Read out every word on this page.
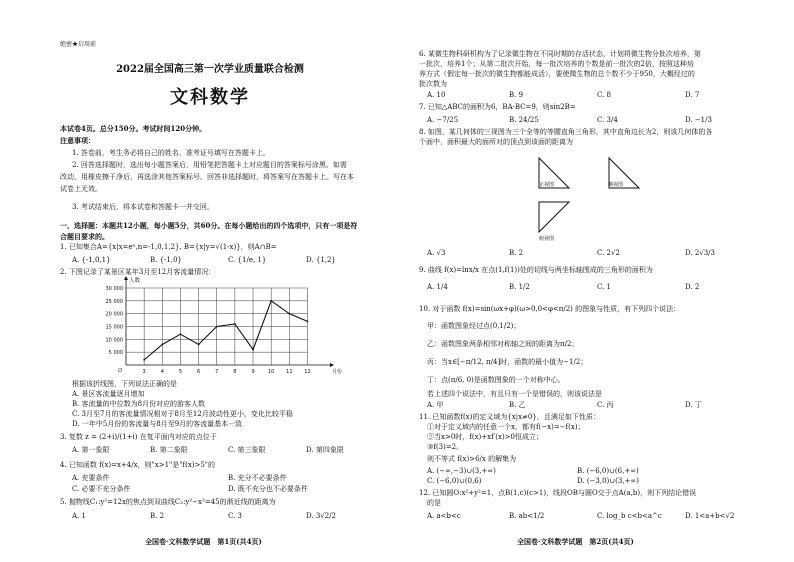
绝密★启用前
2022届全国高三第一次学业质量联合检测
文科数学
本试卷4页。总分150分。考试时间120分钟。
注意事项：
1. 答卷前，考生务必将自己的姓名、准考证号填写在答题卡上。
2. 回答选择题时，选出每小题答案后，用铅笔把答题卡上对应题目的答案标号涂黑。如需
改动，用橡皮擦干净后，再选涂其他答案标号。回答非选择题时，将答案写在答题卡上。写在本
试卷上无效。
3. 考试结束后，将本试卷和答题卡一并交回。
一、选择题：本题共12小题，每小题5分，共60分。在每小题给出的四个选项中，只有一项是符
合题目要求的。
1. 已知集合A={x|x=eⁿ,n=-1,0,1,2}, B={x|y=√(1-x)}，则A∩B=
A. {-1,0,1}	B. {-1,0}	C. {1/e, 1}	D. {1,2}
2. 下图记录了某景区某年3月至12月客流量情况：
30 000
25 000
20 000
15 000
10 000
5 000
3	4	5	6	7	8	9	10 11 12
人数
月份
O
根据该折线图，下列说法正确的是
A. 景区客流量逐月增加
B. 客流量的中位数为8月份对应的游客人数
C. 3月至7月的客流量情况相对于8月至12月波动性更小，变化比较平稳
D. 一年中5月份的客流量与8月至9月的客流量基本一致
3. 复数 z = (2+i)/(1+i) 在复平面内对应的点位于
A. 第一象限	B. 第二象限	C. 第三象限	D. 第四象限
4. 已知函数 f(x)=x+4/x，则"x>1"是"f(x)>5"的
A. 充要条件	B. 充分不必要条件
C. 必要不充分条件	D. 既不充分也不必要条件
5. 抛物线C₁:y²=12x的焦点到双曲线C₂:y²−x²=45的渐近线的距离为
A. 1	B. 2	C. 3	D. 3√2/2
全国卷·文科数学试题　第1页(共4页)
6. 某微生物科研机构为了记录微生物在不同时期的存活状态，计划将微生物分批次培养，第
一批次，培养1个；从第二批次开始，每一批次培养的个数是前一批次的2倍，按照这种培
养方式（假定每一批次的微生物都能成活），要使微生物的总个数不少于950，大概经过的
批次数为
A. 10	B. 9	C. 8	D. 7
7. 已知△ABC的面积为6，BA·BC=9，则sin2B=
A. −7/25	B. 24/25	C. 3/4	D. −1/3
8. 如图，某几何体的三视图为三个全等的等腰直角三角形，其中直角边长为2，则该几何体的各
个面中，面积最大的面所对的顶点到该面的距离为
正视图	侧视图
俯视图
A. √3	B. 2	C. 2√2	D. 2√3/3
9. 曲线 f(x)=lnx/x 在点(1,f(1))处的切线与两坐标轴围成的三角形的面积为
A. 1/4	B. 1/2	C. 1	D. 2
10. 对于函数 f(x)=sin(ωx+φ)(ω>0,0<φ<π/2) 的图象与性质，有下列四个说法：
甲：函数图象经过点(0,1/2)；
乙：函数图象两条相邻对称轴之间的距离为π/2；
丙：当x∈[−π/12, π/4]时，函数的最小值为−1/2；
丁：点(π/6, 0)是函数图象的一个对称中心。
若上述四个说法中，有且只有一个是错误的，则该说法是
A. 甲	B. 乙	C. 丙	D. 丁
11. 已知函数f(x)的定义域为{x|x≠0}，且满足如下性质：
①对于定义域内的任意一个x，都有f(−x)=−f(x)；
②当x>0时，f(x)+xf′(x)>0恒成立；
③f(3)=2。
则不等式 f(x)>6/x 的解集为
A. (−∞,−3)∪(3,+∞)	B. (−6,0)∪(6,+∞)
C. (−6,0)∪(0,6)	D. (−3,0)∪(3,+∞)
12. 已知圆O:x²+y²=1，点B(1,c)(c>1)，线段OB与圆O交于点A(a,b)，则下列结论错误
的是
A. a<b<c	B. ab<1/2	C. log_b c<b<a^c	D. 1<a+b<√2
全国卷·文科数学试题　第2页(共4页)
